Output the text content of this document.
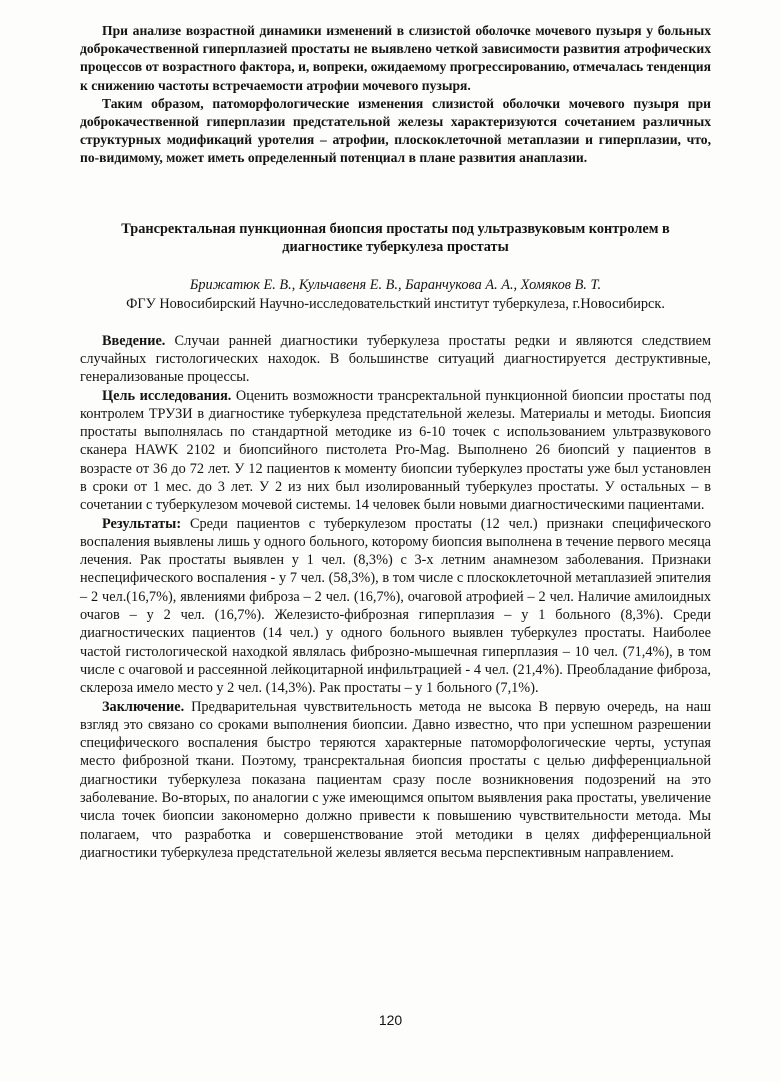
При анализе возрастной динамики изменений в слизистой оболочке мочевого пузыря у больных доброкачественной гиперплазией простаты не выявлено четкой зависимости развития атрофических процессов от возрастного фактора, и, вопреки, ожидаемому прогрессированию, отмечалась тенденция к снижению частоты встречаемости атрофии мочевого пузыря.

Таким образом, патоморфологические изменения слизистой оболочки мочевого пузыря при доброкачественной гиперплазии предстательной железы характеризуются сочетанием различных структурных модификаций уротелия – атрофии, плоскоклеточной метаплазии и гиперплазии, что, по-видимому, может иметь определенный потенциал в плане развития анаплазии.

Трансректальная пункционная биопсия простаты под ультразвуковым контролем в диагностике туберкулеза простаты
Брижатюк Е. В., Кульчавеня Е. В., Баранчукова А. А., Хомяков В. Т.
ФГУ Новосибирский Научно-исследовательсткий институт туберкулеза, г.Новосибирск.

Введение. Случаи ранней диагностики туберкулеза простаты редки и являются следствием случайных гистологических находок. В большинстве ситуаций диагностируется деструктивные, генерализованые процессы.

Цель исследования. Оценить возможности трансректальной пункционной биопсии простаты под контролем ТРУЗИ в диагностике туберкулеза предстательной железы. Материалы и методы. Биопсия простаты выполнялась по стандартной методике из 6-10 точек с использованием ультразвукового сканера HAWK 2102 и биопсийного пистолета Pro-Mag. Выполнено 26 биопсий у пациентов в возрасте от 36 до 72 лет. У 12 пациентов к моменту биопсии туберкулез простаты уже был установлен в сроки от 1 мес. до 3 лет. У 2 из них был изолированный туберкулез простаты. У остальных – в сочетании с туберкулезом мочевой системы. 14 человек были новыми диагностическими пациентами.

Результаты: Среди пациентов с туберкулезом простаты (12 чел.) признаки специфического воспаления выявлены лишь у одного больного, которому биопсия выполнена в течение первого месяца лечения. Рак простаты выявлен у 1 чел. (8,3%) с 3-х летним анамнезом заболевания. Признаки неспецифического воспаления - у 7 чел. (58,3%), в том числе с плоскоклеточной метаплазией эпителия – 2 чел.(16,7%), явлениями фиброза – 2 чел. (16,7%), очаговой атрофией – 2 чел. Наличие амилоидных очагов – у 2 чел. (16,7%). Железисто-фиброзная гиперплазия – у 1 больного (8,3%). Среди диагностических пациентов (14 чел.) у одного больного выявлен туберкулез простаты. Наиболее частой гистологической находкой являлась фиброзно-мышечная гиперплазия – 10 чел. (71,4%), в том числе с очаговой и рассеянной лейкоцитарной инфильтрацией - 4 чел. (21,4%). Преобладание фиброза, склероза имело место у 2 чел. (14,3%). Рак простаты – у 1 больного (7,1%).

Заключение. Предварительная чувствительность метода не высока В первую очередь, на наш взгляд это связано со сроками выполнения биопсии. Давно известно, что при успешном разрешении специфического воспаления быстро теряются характерные патоморфологические черты, уступая место фиброзной ткани. Поэтому, трансректальная биопсия простаты с целью дифференциальной диагностики туберкулеза показана пациентам сразу после возникновения подозрений на это заболевание. Во-вторых, по аналогии с уже имеющимся опытом выявления рака простаты, увеличение числа точек биопсии закономерно должно привести к повышению чувствительности метода. Мы полагаем, что разработка и совершенствование этой методики в целях дифференциальной диагностики туберкулеза предстательной железы является весьма перспективным направлением.

120
